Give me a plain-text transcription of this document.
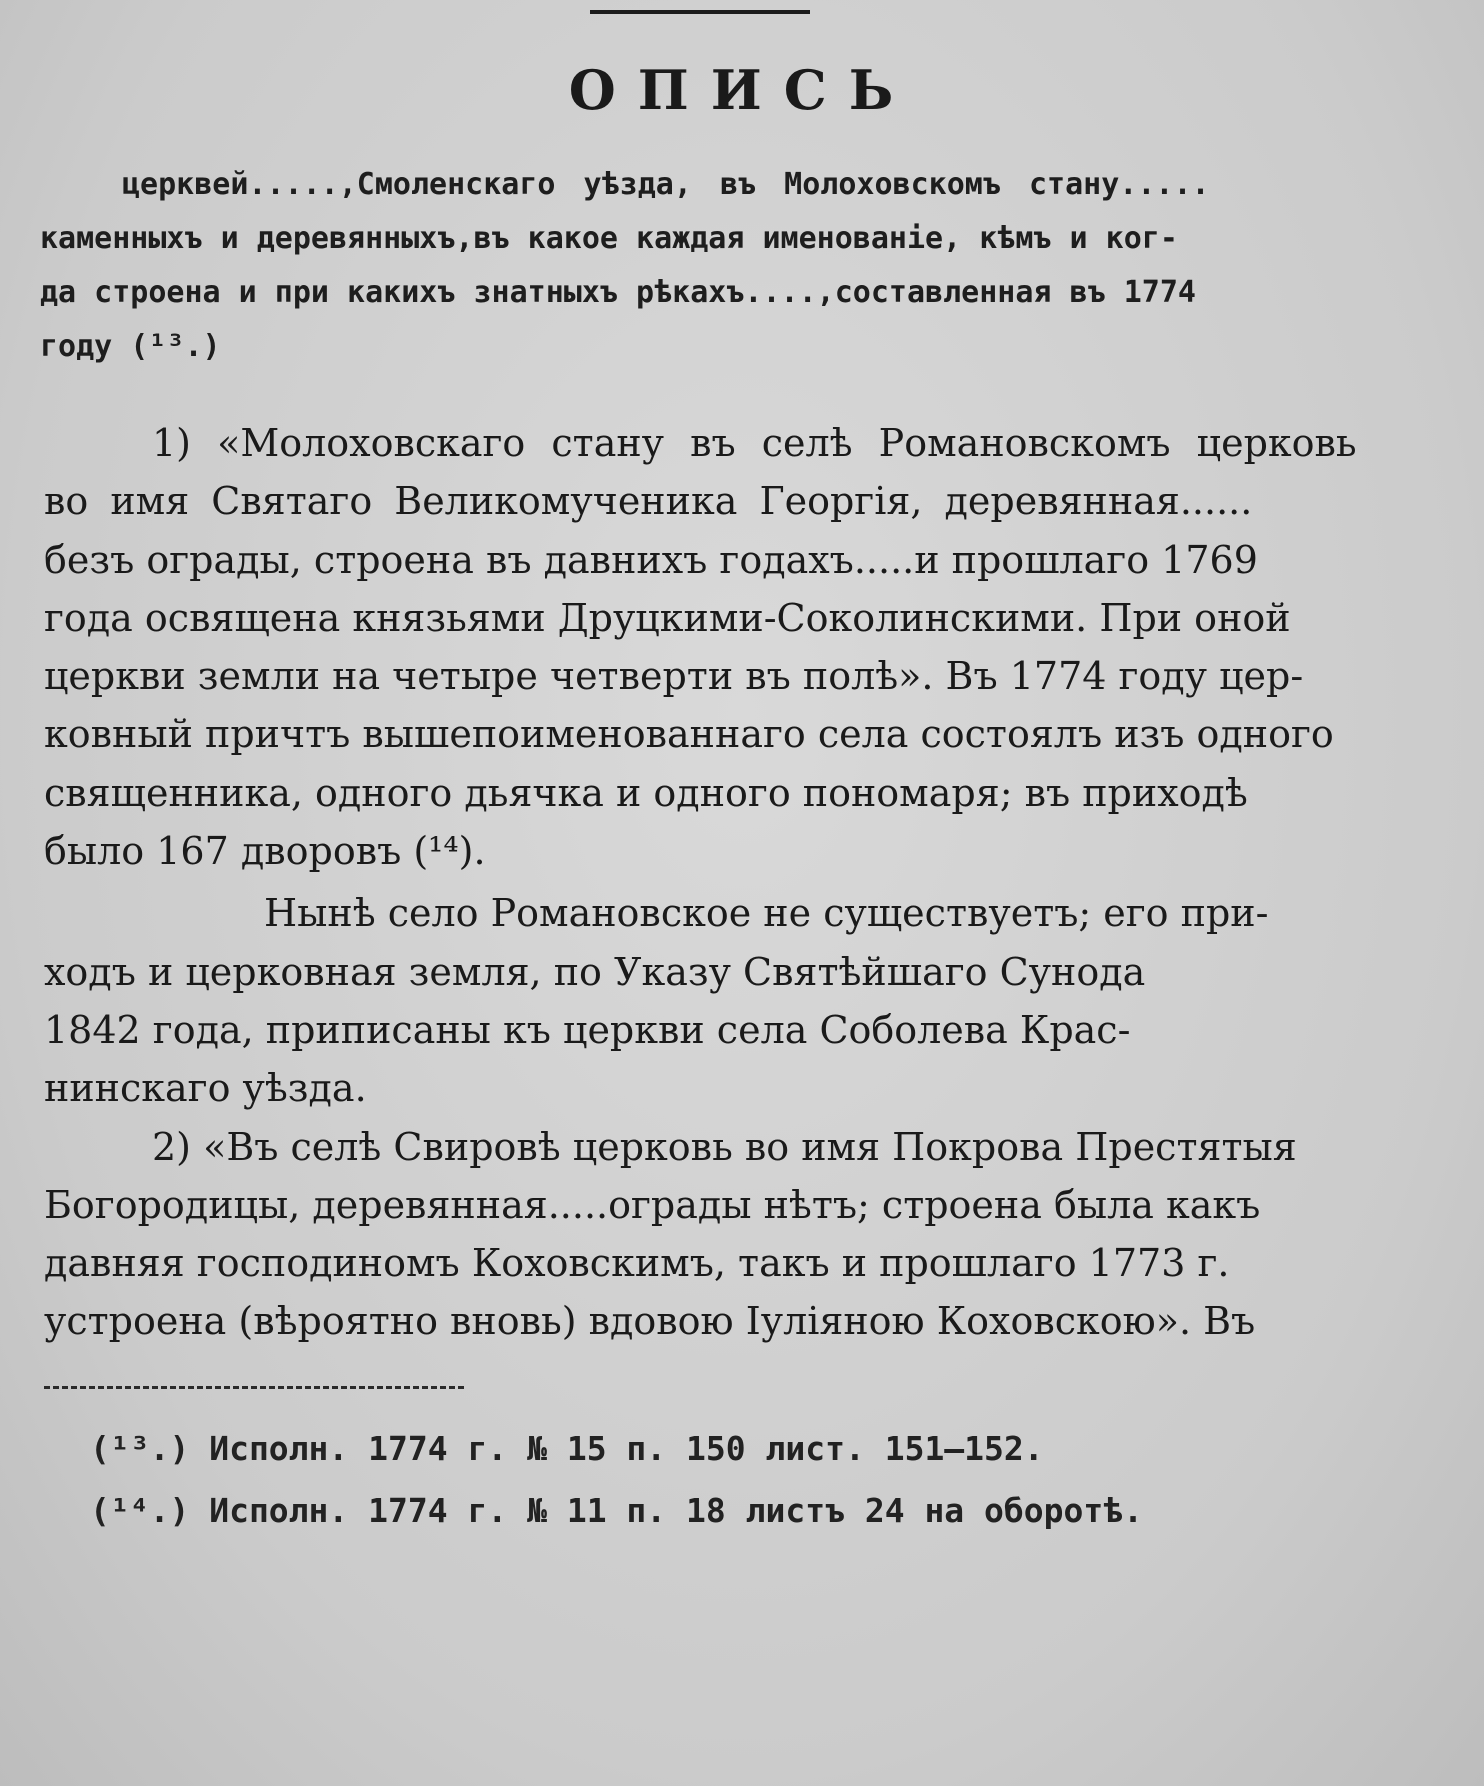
ОПИСЬ
церквей.....,Смоленскаго уѣзда, въ Молоховскомъ стану.....
каменныхъ и деревянныхъ,въ какое каждая именованіе, кѣмъ и ког-
да строена и при какихъ знатныхъ рѣкахъ....,составленная въ 1774
году (¹³.)
1) «Молоховскаго стану въ селѣ Романовскомъ церковь
во имя Святаго Великомученика Георгія, деревянная......
безъ ограды, строена въ давнихъ годахъ.....и прошлаго 1769
года освящена князьями Друцкими-Соколинскими. При оной
церкви земли на четыре четверти въ полѣ». Въ 1774 году цер-
ковный причтъ вышепоименованнаго села состоялъ изъ одного
священника, одного дьячка и одного пономаря; въ приходѣ
было 167 дворовъ (¹⁴).
Нынѣ село Романовское не существуетъ; его при-
ходъ и церковная земля, по Указу Святѣйшаго Сунода
1842 года, приписаны къ церкви села Соболева Крас-
нинскаго уѣзда.
2) «Въ селѣ Свировѣ церковь во имя Покрова Престятыя
Богородицы, деревянная.....ограды нѣтъ; строена была какъ
давняя господиномъ Коховскимъ, такъ и прошлаго 1773 г.
устроена (вѣроятно вновь) вдовою Іуліяною Коховскою». Въ
(¹³.) Исполн. 1774 г. № 15 п. 150 лист. 151—152.
(¹⁴.) Исполн. 1774 г. № 11 п. 18 листъ 24 на оборотѣ.
